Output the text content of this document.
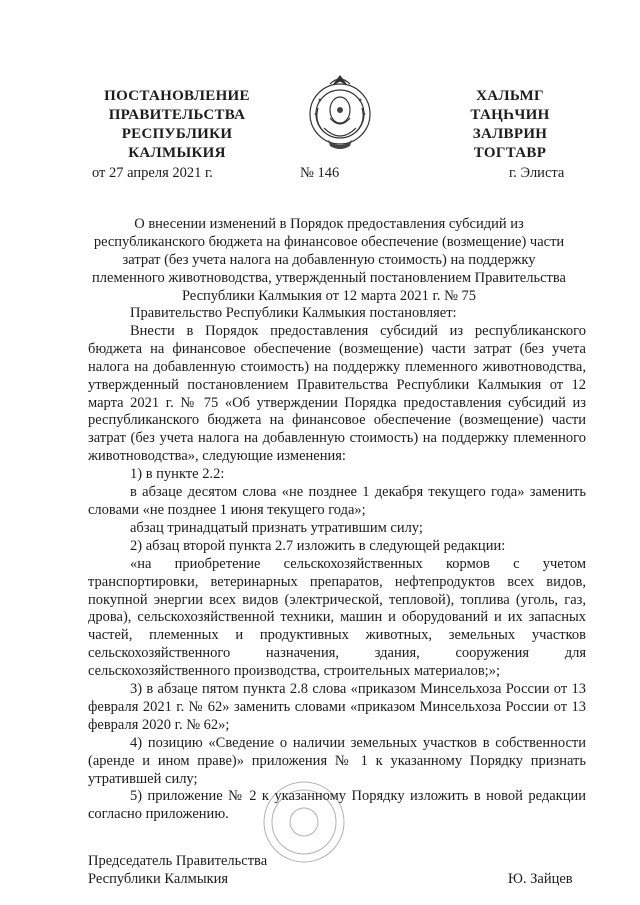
ПОСТАНОВЛЕНИЕ
ПРАВИТЕЛЬСТВА
РЕСПУБЛИКИ
КАЛМЫКИЯ
ХАЛЬМГ
ТАҢҺЧИН
ЗАЛВРИН
ТОГТАВР
от 27 апреля 2021 г.	№ 146	г. Элиста
О внесении изменений в Порядок предоставления субсидий из
республиканского бюджета на финансовое обеспечение (возмещение) части
затрат (без учета налога на добавленную стоимость) на поддержку
племенного животноводства, утвержденный постановлением Правительства
Республики Калмыкия от 12 марта 2021 г. № 75

Правительство Республики Калмыкия постановляет:

Внести в Порядок предоставления субсидий из республиканского бюджета на финансовое обеспечение (возмещение) части затрат (без учета налога на добавленную стоимость) на поддержку племенного животноводства, утвержденный постановлением Правительства Республики Калмыкия от 12 марта 2021 г. № 75 «Об утверждении Порядка предоставления субсидий из республиканского бюджета на финансовое обеспечение (возмещение) части затрат (без учета налога на добавленную стоимость) на поддержку племенного животноводства», следующие изменения:

1) в пункте 2.2:

в абзаце десятом слова «не позднее 1 декабря текущего года» заменить словами «не позднее 1 июня текущего года»;

абзац тринадцатый признать утратившим силу;

2) абзац второй пункта 2.7 изложить в следующей редакции:

«на приобретение сельскохозяйственных кормов с учетом транспортировки, ветеринарных препаратов, нефтепродуктов всех видов, покупной энергии всех видов (электрической, тепловой), топлива (уголь, газ, дрова), сельскохозяйственной техники, машин и оборудований и их запасных частей, племенных и продуктивных животных, земельных участков сельскохозяйственного назначения, здания, сооружения для сельскохозяйственного производства, строительных материалов;»;

3) в абзаце пятом пункта 2.8 слова «приказом Минсельхоза России от 13 февраля 2021 г. № 62» заменить словами «приказом Минсельхоза России от 13 февраля 2020 г. № 62»;

4) позицию «Сведение о наличии земельных участков в собственности (аренде и ином праве)» приложения № 1 к указанному Порядку признать утратившей силу;

5) приложение № 2 к указанному Порядку изложить в новой редакции согласно приложению.

Председатель Правительства
Республики Калмыкия	Ю. Зайцев
